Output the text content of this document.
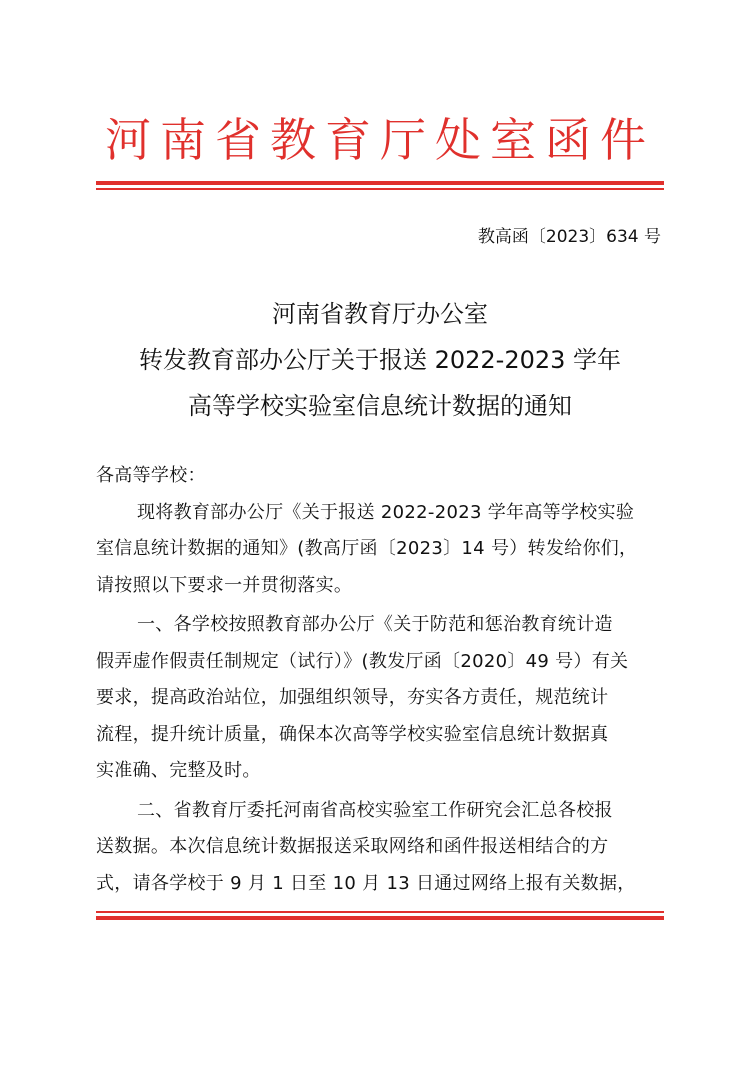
河南省教育厅处室函件
教高函〔2023〕634 号
河南省教育厅办公室
转发教育部办公厅关于报送 2022-2023 学年
高等学校实验室信息统计数据的通知
各高等学校：
现将教育部办公厅《关于报送 2022-2023 学年高等学校实验
室信息统计数据的通知》(教高厅函〔2023〕14 号）转发给你们，
请按照以下要求一并贯彻落实。
一、各学校按照教育部办公厅《关于防范和惩治教育统计造
假弄虚作假责任制规定（试行）》(教发厅函〔2020〕49 号）有关
要求，提高政治站位，加强组织领导，夯实各方责任，规范统计
流程，提升统计质量，确保本次高等学校实验室信息统计数据真
实准确、完整及时。
二、省教育厅委托河南省高校实验室工作研究会汇总各校报
送数据。本次信息统计数据报送采取网络和函件报送相结合的方
式，请各学校于 9 月 1 日至 10 月 13 日通过网络上报有关数据，
